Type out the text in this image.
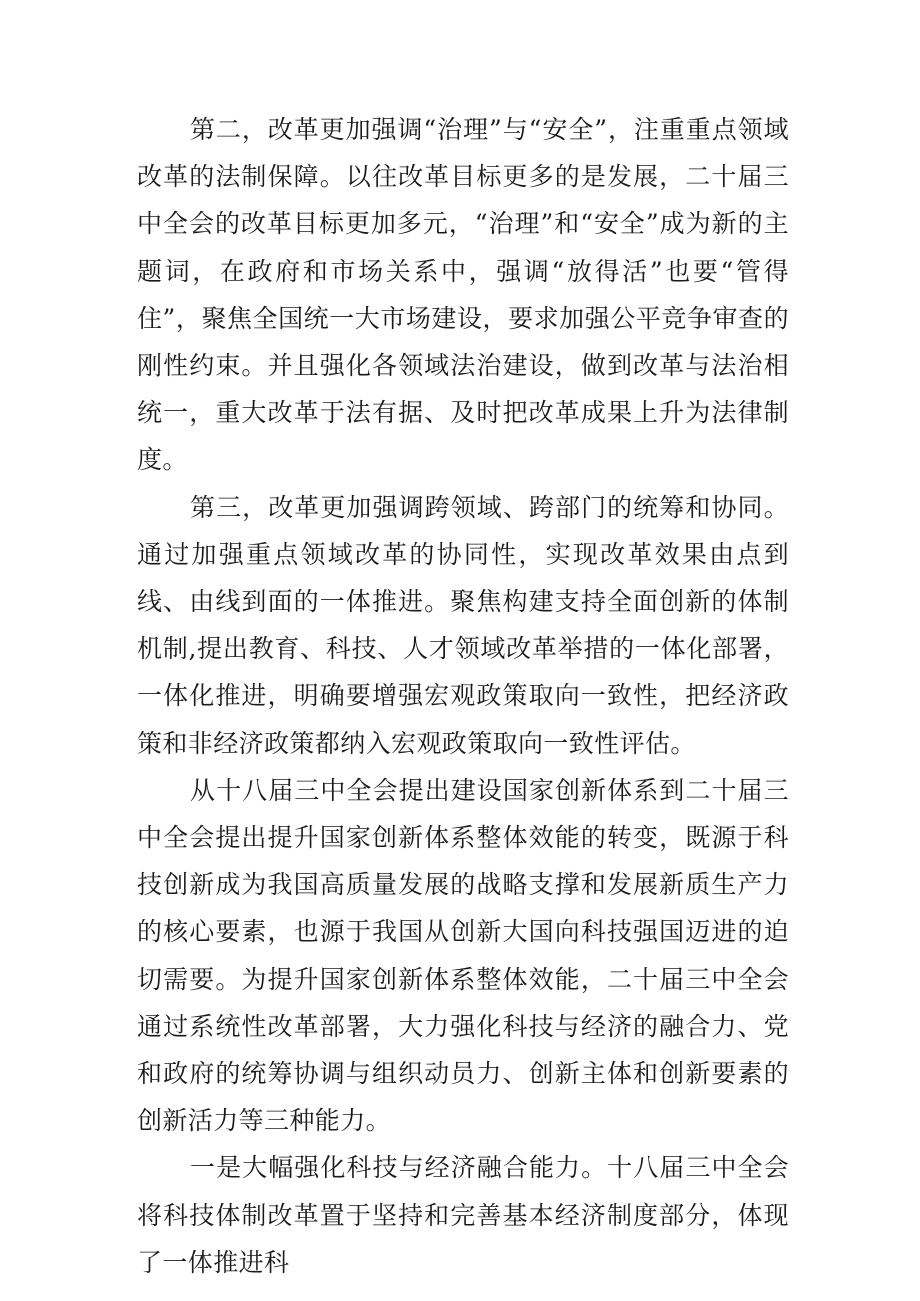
第二，改革更加强调“治理”与“安全”，注重重点领域改革的法制保障。以往改革目标更多的是发展，二十届三中全会的改革目标更加多元，“治理”和“安全”成为新的主题词，在政府和市场关系中，强调“放得活”也要“管得住”，聚焦全国统一大市场建设，要求加强公平竞争审查的刚性约束。并且强化各领域法治建设，做到改革与法治相统一，重大改革于法有据、及时把改革成果上升为法律制度。

第三，改革更加强调跨领域、跨部门的统筹和协同。通过加强重点领域改革的协同性，实现改革效果由点到线、由线到面的一体推进。聚焦构建支持全面创新的体制机制,提出教育、科技、人才领域改革举措的一体化部署，一体化推进，明确要增强宏观政策取向一致性，把经济政策和非经济政策都纳入宏观政策取向一致性评估。

从十八届三中全会提出建设国家创新体系到二十届三中全会提出提升国家创新体系整体效能的转变，既源于科技创新成为我国高质量发展的战略支撑和发展新质生产力的核心要素，也源于我国从创新大国向科技强国迈进的迫切需要。为提升国家创新体系整体效能，二十届三中全会通过系统性改革部署，大力强化科技与经济的融合力、党和政府的统筹协调与组织动员力、创新主体和创新要素的创新活力等三种能力。

一是大幅强化科技与经济融合能力。十八届三中全会将科技体制改革置于坚持和完善基本经济制度部分，体现了一体推进科
